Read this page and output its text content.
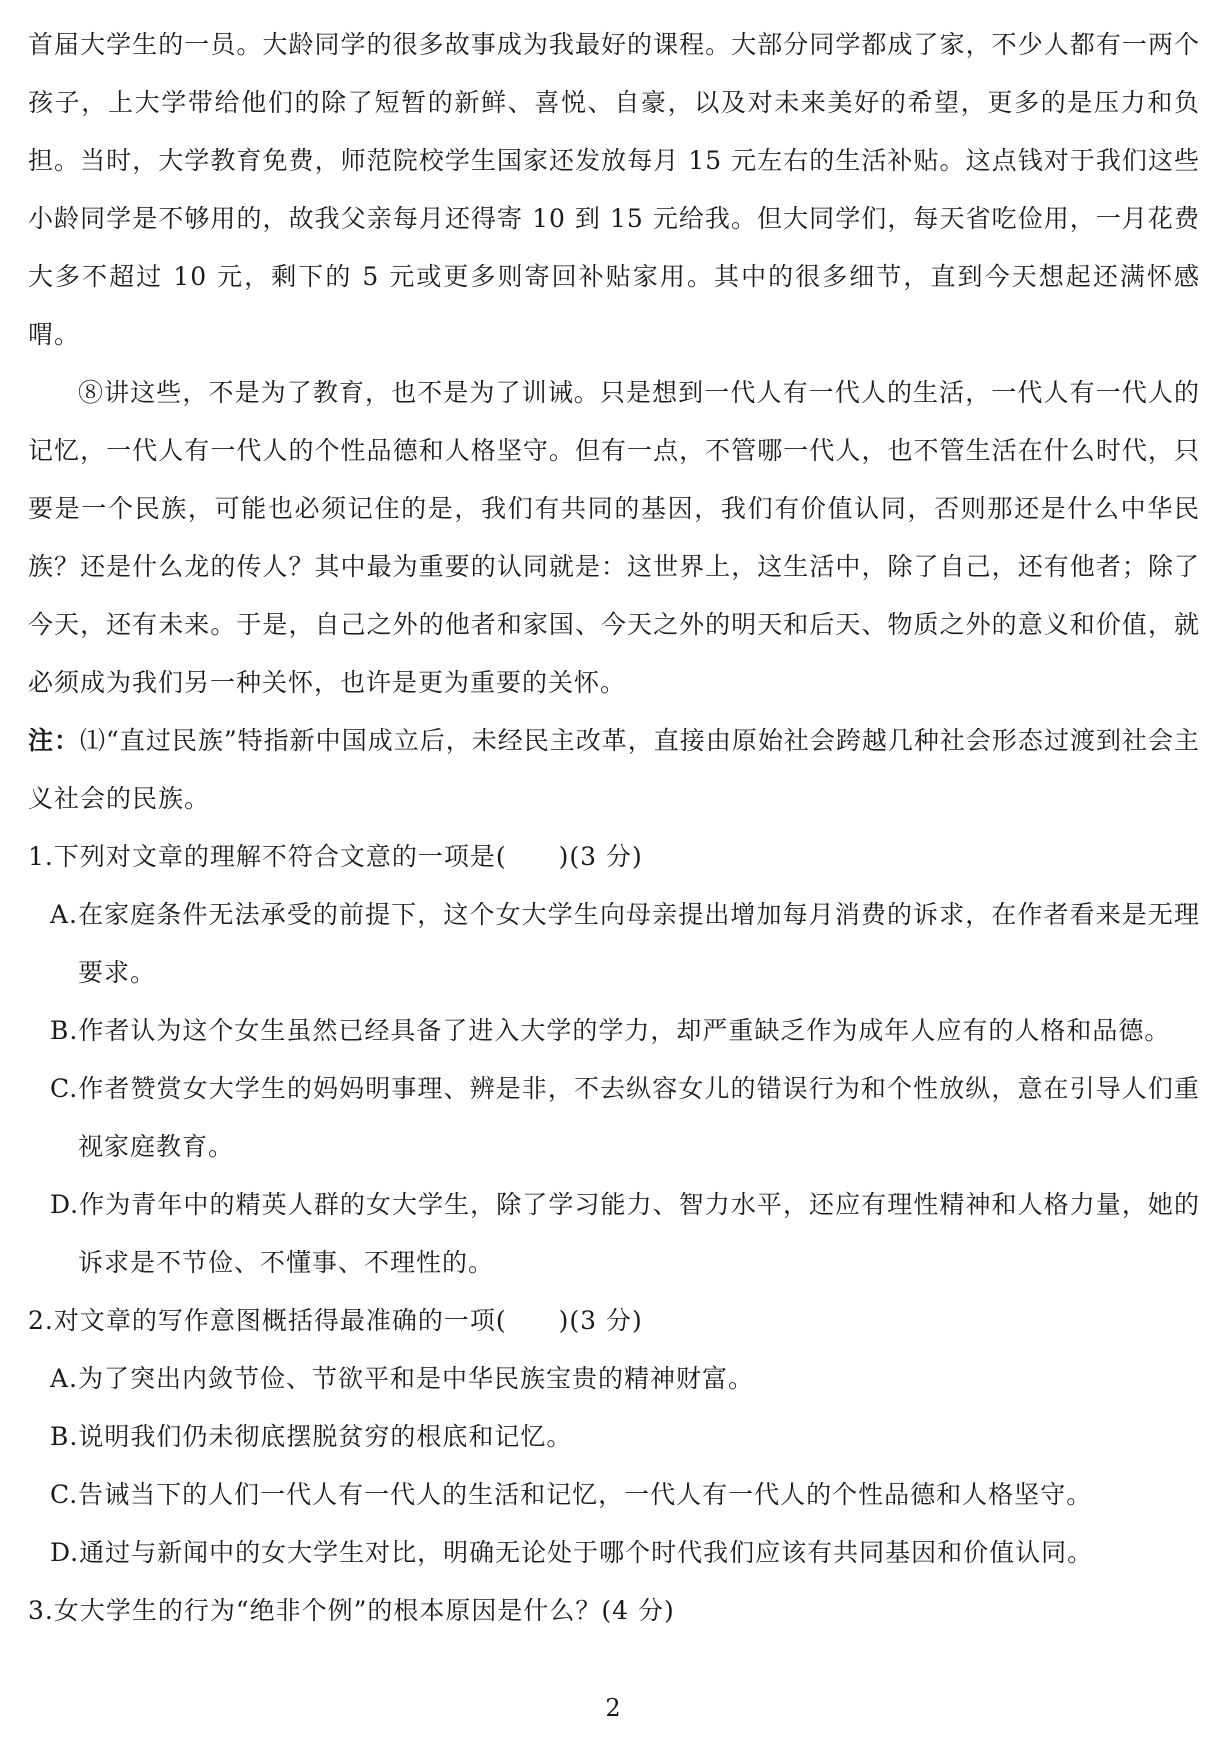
首届大学生的一员。大龄同学的很多故事成为我最好的课程。大部分同学都成了家，不少人都有一两个孩子，上大学带给他们的除了短暂的新鲜、喜悦、自豪，以及对未来美好的希望，更多的是压力和负担。当时，大学教育免费，师范院校学生国家还发放每月 15 元左右的生活补贴。这点钱对于我们这些小龄同学是不够用的，故我父亲每月还得寄 10 到 15 元给我。但大同学们，每天省吃俭用，一月花费大多不超过 10 元，剩下的 5 元或更多则寄回补贴家用。其中的很多细节，直到今天想起还满怀感喟。

⑧讲这些，不是为了教育，也不是为了训诫。只是想到一代人有一代人的生活，一代人有一代人的记忆，一代人有一代人的个性品德和人格坚守。但有一点，不管哪一代人，也不管生活在什么时代，只要是一个民族，可能也必须记住的是，我们有共同的基因，我们有价值认同，否则那还是什么中华民族？还是什么龙的传人？其中最为重要的认同就是：这世界上，这生活中，除了自己，还有他者；除了今天，还有未来。于是，自己之外的他者和家国、今天之外的明天和后天、物质之外的意义和价值，就必须成为我们另一种关怀，也许是更为重要的关怀。

注：⑴“直过民族”特指新中国成立后，未经民主改革，直接由原始社会跨越几种社会形态过渡到社会主义社会的民族。

1.下列对文章的理解不符合文意的一项是(　　)(3 分)

A.在家庭条件无法承受的前提下，这个女大学生向母亲提出增加每月消费的诉求，在作者看来是无理要求。

B.作者认为这个女生虽然已经具备了进入大学的学力，却严重缺乏作为成年人应有的人格和品德。

C.作者赞赏女大学生的妈妈明事理、辨是非，不去纵容女儿的错误行为和个性放纵，意在引导人们重视家庭教育。

D.作为青年中的精英人群的女大学生，除了学习能力、智力水平，还应有理性精神和人格力量，她的诉求是不节俭、不懂事、不理性的。

2.对文章的写作意图概括得最准确的一项(　　)(3 分)

A.为了突出内敛节俭、节欲平和是中华民族宝贵的精神财富。

B.说明我们仍未彻底摆脱贫穷的根底和记忆。

C.告诫当下的人们一代人有一代人的生活和记忆，一代人有一代人的个性品德和人格坚守。

D.通过与新闻中的女大学生对比，明确无论处于哪个时代我们应该有共同基因和价值认同。

3.女大学生的行为“绝非个例”的根本原因是什么？(4 分)

2
